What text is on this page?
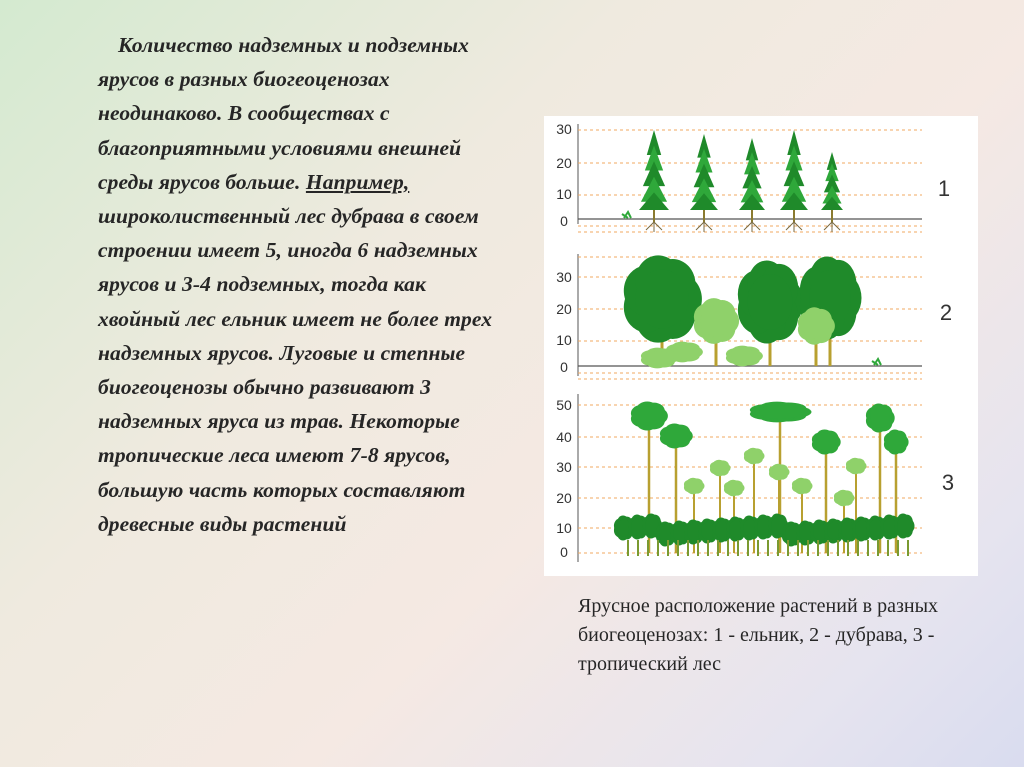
Количество надземных и подземных ярусов в разных биогеоценозах неодинаково. В сообществах с благоприятными условиями внешней среды ярусов больше. Например, широколиственный лес дубрава в своем строении имеет 5, иногда 6 надземных ярусов и 3-4 подземных, тогда как хвойный лес ельник имеет не более трех надземных ярусов. Луговые и степные биогеоценозы обычно развивают 3 надземных яруса из трав. Некоторые тропические леса имеют 7-8 ярусов, большую часть которых составляют древесные виды растений

30
20
10
0
1
30
20
10
0
2
50
40
30
20
10
0
3

Ярусное расположение растений в разных биогеоценозах: 1 - ельник, 2 - дубрава, 3 - тропический лес
